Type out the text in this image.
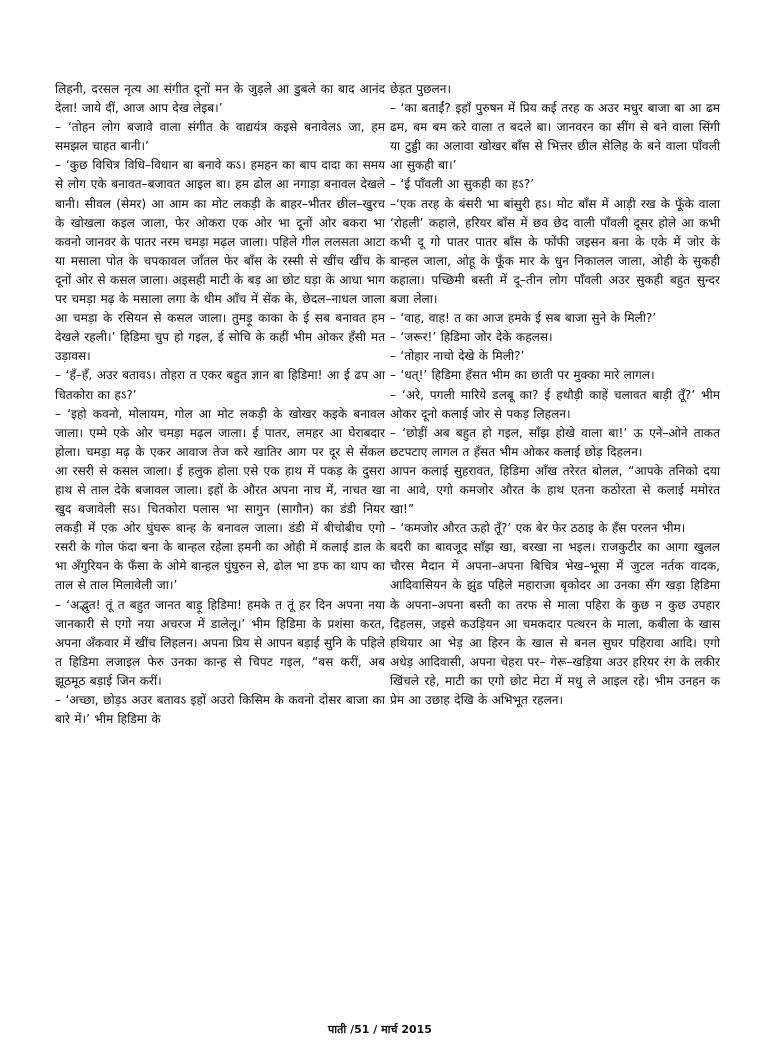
लिहनी, दरसल नृत्य आ संगीत दूनों मन के जुड़ले आ डुबले का बाद आनंद देला! जाये दीं, आज आप देख लेइब।’

– ‘तोहन लोग बजावे वाला संगीत के वाद्ययंत्र कइसे बनावेलऽ जा, हम समझल चाहत बानी।’

– ‘कुछ विचित्र विधि–विधान बा बनावे कऽ। हमहन का बाप दादा का समय से लोग एके बनावत–बजावत आइल बा। हम ढोल आ नगाड़ा बनावल देखले बानी। सीवल (सेमर) आ आम का मोट लकड़ी के बाहर–भीतर छील–खुरच के खोखला कइल जाला, फेर ओकरा एक ओर भा दूनों ओर बकरा भा कवनो जानवर के पातर नरम चमड़ा मढ़ल जाला। पहिले गील ललसता आटा या मसाला पोत के चपकावल जाँतल फेर बाँस के रस्सी से खींच खींच के दूनों ओर से कसल जाला। अइसही माटी के बड़ आ छोट घड़ा के आधा भाग पर चमड़ा मढ़ के मसाला लगा के धीम आँच में सेंक के, छेदल–नाधल जाला आ चमड़ा के रसियन से कसल जाला। तुमड़ू काका के ई सब बनावत हम देखले रहली।’ हिडिमा चुप हो गइल, ई सोचि के कहीं भीम ओकर हँसी मत उड़ावस।

– ‘हँ–हँ, अउर बतावऽ। तोहरा त एकर बहुत ज्ञान बा हिडिमा! आ ई ढप आ चितकोरा का हऽ?’

– ‘इहो कवनो, मोलायम, गोल आ मोट लकड़ी के खोखर कइके बनावल जाला। एम्मे एके ओर चमड़ा मढ़ल जाला। ई पातर, लमहर आ घेराबदार होला। चमड़ा मढ़ के एकर आवाज तेज करे खातिर आग पर दूर से सेंकल आ रसरी से कसल जाला। ई हलुक होला एसे एक हाथ में पकड़ के दुसरा हाथ से ताल देके बजावल जाला। इहों के औरत अपना नाच में, नाचत खा खुद बजावेली सऽ। चितकोरा पलास भा सागुन (सागौन) का डंडी नियर लकड़ी में एक ओर घुंघरू बान्ह के बनावल जाला। डंडी में बीचोबीच एगो रसरी के गोल फंदा बना के बान्हल रहेला हमनी का ओही में कलाई डाल के भा अँगुरियन के फँसा के ओमे बान्हल घुंघुरुन से, ढोल भा डफ का थाप का ताल से ताल मिलावेली जा।’

– ‘अद्भुत! तूं त बहुत जानत बाड़ू हिडिमा! हमके त तूं हर दिन अपना नया जानकारी से एगो नया अचरज में डालेलू।’ भीम हिडिमा के प्रशंसा करत, अपना अँकवार में खींच लिहलन। अपना प्रिय से आपन बड़ाई सुनि के पहिले त हिडिमा लजाइल फेरु उनका कान्ह से चिपट गइल, “बस करीं, अब झूठमूठ बड़ाई जिन करीं।

– ‘अच्छा, छोड़ऽ अउर बतावऽ इहों अउरो किसिम के कवनो दोसर बाजा का बारे में।’ भीम हिडिमा के

छेड़त पुछलन।

– ‘का बताईं? इहाँ पुरुषन में प्रिय कई तरह क अउर मधुर बाजा बा आ ढम ढम, बम बम करे वाला त बदले बा। जानवरन का सींग से बने वाला सिंगी या टुड्डी का अलावा खोखर बाँस से भित्तर छील सेलिह के बने वाला पाँवली आ सुकही बा।’

– ‘ई पाँवली आ सुकही का हऽ?’

–‘एक तरह के बंसरी भा बांसुरी हऽ। मोट बाँस में आड़ी रख के फूँके वाला ‘रोहली’ कहाले, हरियर बाँस में छव छेद वाली पाँवली दूसर होले आ कभी कभी दू गो पातर पातर बाँस के फोंफी जइसन बना के एके में जोर के बान्हल जाला, ओहू के फूँक मार के धुन निकालल जाला, ओही के सुकही कहाला। पच्छिमी बस्ती में दू–तीन लोग पाँवली अउर सुकही बहुत सुन्दर बजा लेला।

– ‘वाह, वाह! त का आज हमके ई सब बाजा सुने के मिली?’

– ‘जरूर!’ हिडिमा जोर देके कहलस।

– ‘तोहार नाचो देखे के मिली?’

– ‘धत्!’ हिडिमा हँसत भीम का छाती पर मुक्का मारे लागल।

– ‘अरे, पगली मारिये डलबू का? ई हथौड़ी काहें चलावत बाड़ी तूँ?’ भीम ओकर दूनो कलाई जोर से पकड़ लिहलन।

– ‘छोड़ीं अब बहुत हो गइल, साँझ होखे वाला बा!’ ऊ एने–ओने ताकत छटपटाए लागल त हँसत भीम ओकर कलाई छोड़ दिहलन।

आपन कलाई सुहरावत, हिडिमा आँख तरेरत बोलल, “आपके तनिको दया ना आवे, एगो कमजोर औरत के हाथ एतना कठोरता से कलाई ममोरत खा!”

– ‘कमजोर औरत ऊहो तूँ?’ एक बेर फेर ठठाइ के हँस परलन भीम।

बदरी का बावजूद साँझ खा, बरखा ना भइल। राजकुटीर का आगा खुलल चौरस मैदान में अपना–अपना बिचित्र भेख–भूसा में जुटल नर्तक वादक, आदिवासियन के झुंड पहिले महाराजा बृकोदर आ उनका सँग खड़ा हिडिमा के अपना–अपना बस्ती का तरफ से माला पहिरा के कुछ न कुछ उपहार दिहलस, जइसे कउड़ियन आ चमकदार पत्थरन के माला, कबीला के खास हथियार आ भेड़ आ हिरन के खाल से बनल सुघर पहिरावा आदि। एगो अधेड़ आदिवासी, अपना चेहरा पर– गेरू–खड़िया अउर हरियर रंग के लकीर खिंचले रहे, माटी का एगो छोट मेटा में मधु ले आइल रहे। भीम उनहन क प्रेम आ उछाह देखि के अभिभूत रहलन।

पाती /51 / मार्च 2015
